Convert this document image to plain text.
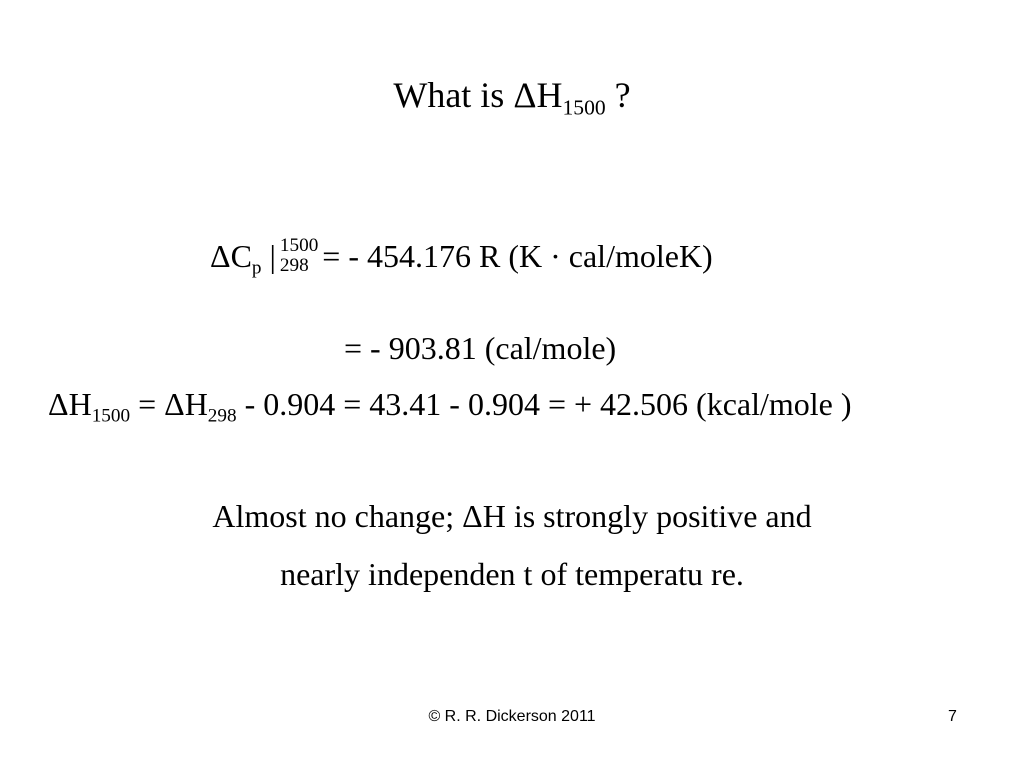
What is $\Delta H_{1500}$ ?
$\Delta C_p$ | 1500
298 = - 454.176 R (K · cal/moleK)
= - 903.81 (cal/mole)
$\Delta H_{1500} = \Delta H_{298} - 0.904 = 43.41 - 0.904$ = + 42.506 (kcal/mole )
Almost no change; ΔH is strongly positive and
nearly independen t of temperatu re.
© R. R. Dickerson 2011	7
